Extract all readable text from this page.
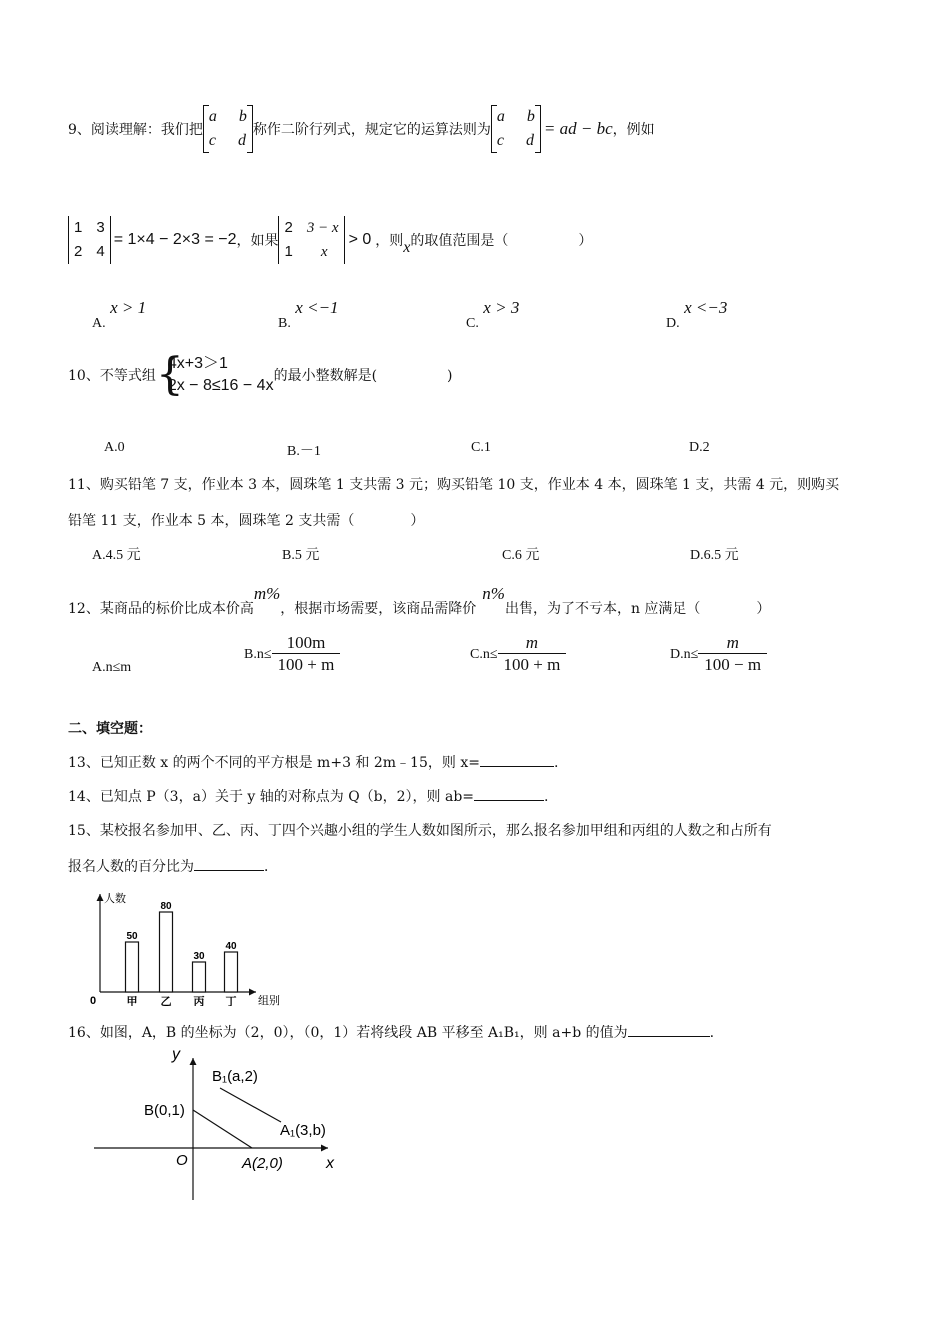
9、阅读理解：我们把
a b
c d
称作二阶行列式，规定它的运算法则为
a b
c d
= ad − bc ，例如
1 3
2 4
= 1×4 − 2×3 = −2 ，如果
2 3 − x
1 x
> 0 ，则 x 的取值范围是（　　　　　）
A. x > 1
B. x <−1
C. x > 3
D. x <−3
10、不等式组 {
4x+3＞1
2x − 8≤16 − 4x
的最小整数解是(　　　　　)
A.0	B.－1	C.1	D.2
11、购买铅笔 7 支，作业本 3 本，圆珠笔 1 支共需 3 元；购买铅笔 10 支，作业本 4 本，圆珠笔 1 支，共需 4 元，则购买
铅笔 11 支，作业本 5 本，圆珠笔 2 支共需（　　　　）
A.4.5 元	B.5 元	C.6 元	D.6.5 元
12、某商品的标价比成本价高
m%
，根据市场需要，该商品需降价
n%
出售，为了不亏本，n 应满足（　　　　）
A.n≤m
$B.n\le \frac{100m}{100 + m}$	$C.n\le \frac{m}{100 + m}$	$D.n\le \frac{m}{100 - m}$
二、填空题：
13、已知正数 x 的两个不同的平方根是 m+3 和 2m﹣15，则 x=	.
14、已知点 P（3，a）关于 y 轴的对称点为 Q（b，2），则 ab=	.
15、某校报名参加甲、乙、丙、丁四个兴趣小组的学生人数如图所示，那么报名参加甲组和丙组的人数之和占所有
报名人数的百分比为	．
人数
组别
0
50
甲
80
乙
30
丙
40
丁
16、如图，A，B 的坐标为（2，0），（0，1）若将线段 AB 平移至 A₁B₁，则 a+b 的值为	.
y
x
O
B(0,1)
A(2,0)
B₁(a,2)
A₁(3,b)
